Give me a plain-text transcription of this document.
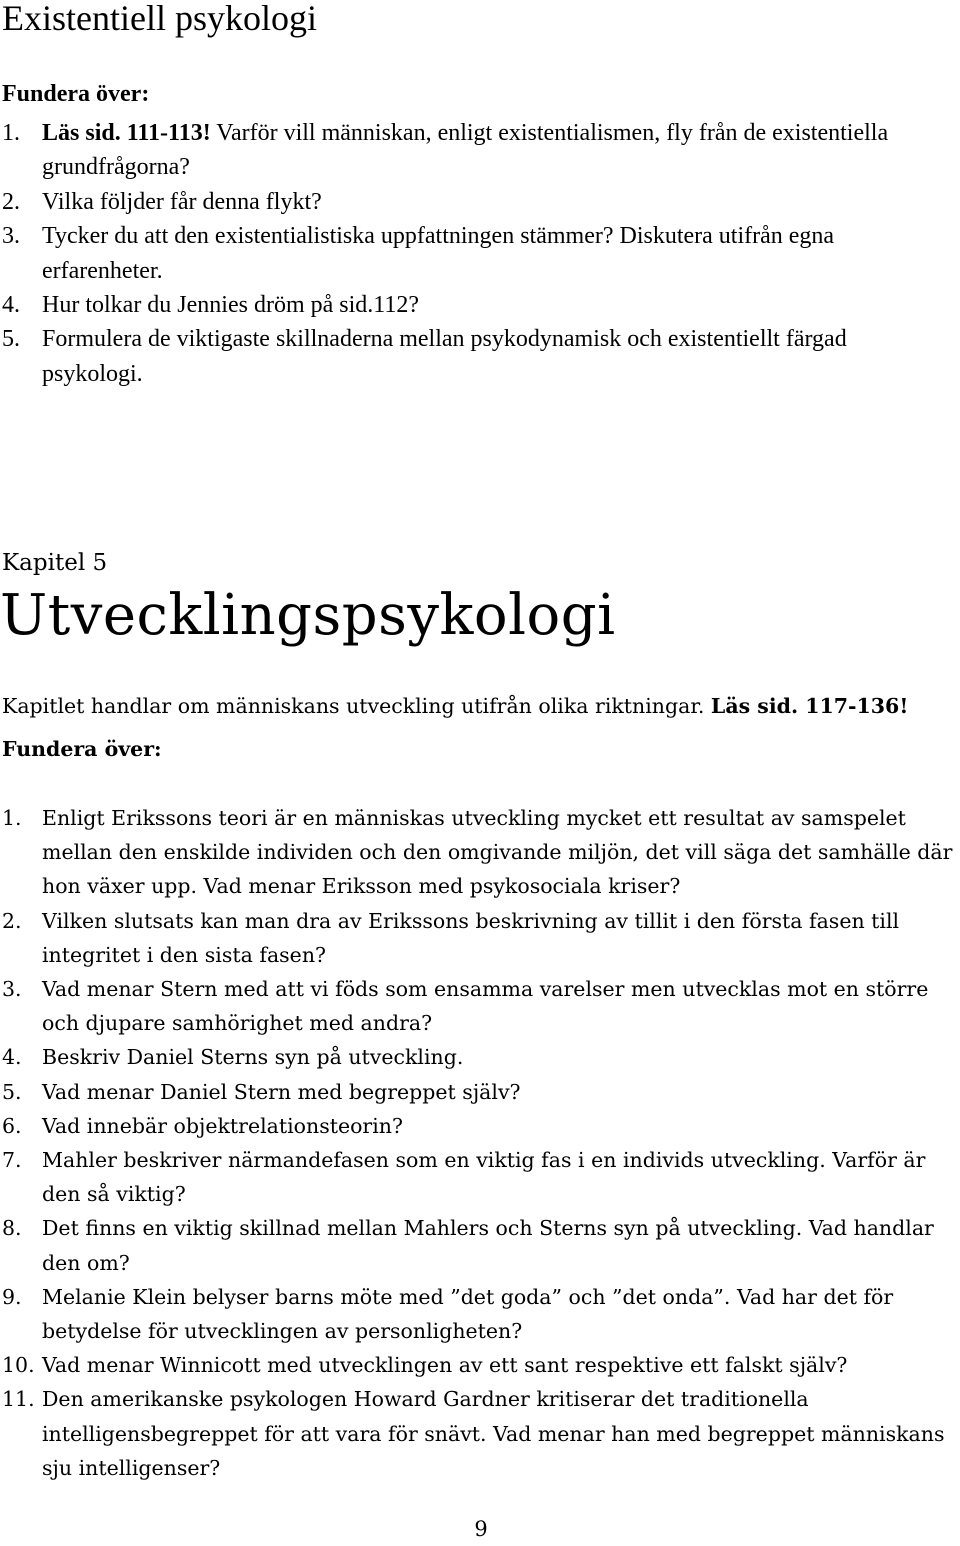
Existentiell psykologi
Fundera över:
1. Läs sid. 111-113! Varför vill människan, enligt existentialismen, fly från de existentiella grundfrågorna?
2. Vilka följder får denna flykt?
3. Tycker du att den existentialistiska uppfattningen stämmer? Diskutera utifrån egna erfarenheter.
4. Hur tolkar du Jennies dröm på sid.112?
5. Formulera de viktigaste skillnaderna mellan psykodynamisk och existentiellt färgad psykologi.
Kapitel 5
Utvecklingspsykologi

Kapitlet handlar om människans utveckling utifrån olika riktningar. Läs sid. 117-136!

Fundera över:
1. Enligt Erikssons teori är en människas utveckling mycket ett resultat av samspelet mellan den enskilde individen och den omgivande miljön, det vill säga det samhälle där hon växer upp. Vad menar Eriksson med psykosociala kriser?
2. Vilken slutsats kan man dra av Erikssons beskrivning av tillit i den första fasen till integritet i den sista fasen?
3. Vad menar Stern med att vi föds som ensamma varelser men utvecklas mot en större och djupare samhörighet med andra?
4. Beskriv Daniel Sterns syn på utveckling.
5. Vad menar Daniel Stern med begreppet själv?
6. Vad innebär objektrelationsteorin?
7. Mahler beskriver närmandefasen som en viktig fas i en individs utveckling. Varför är den så viktig?
8. Det finns en viktig skillnad mellan Mahlers och Sterns syn på utveckling. Vad handlar den om?
9. Melanie Klein belyser barns möte med ”det goda” och ”det onda”. Vad har det för betydelse för utvecklingen av personligheten?
10. Vad menar Winnicott med utvecklingen av ett sant respektive ett falskt själv?
11. Den amerikanske psykologen Howard Gardner kritiserar det traditionella intelligensbegreppet för att vara för snävt. Vad menar han med begreppet människans sju intelligenser?
9
